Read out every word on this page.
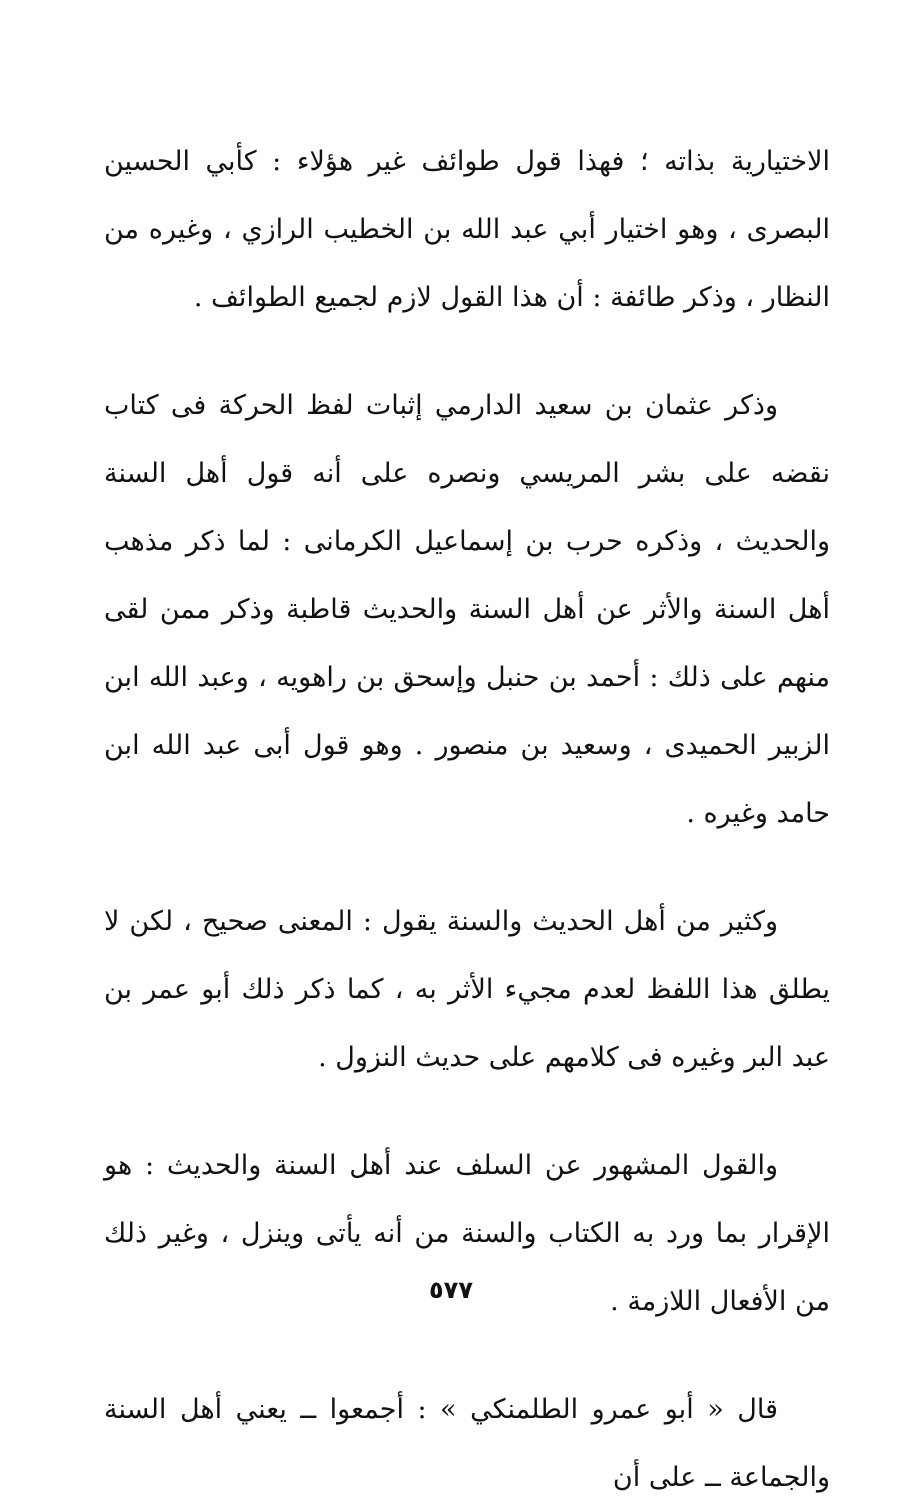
الاختيارية بذاته ؛ فهذا قول طوائف غير هؤلاء : كأبي الحسين البصرى ، وهو اختيار أبي عبد الله بن الخطيب الرازي ، وغيره من النظار ، وذكر طائفة : أن هذا القول لازم لجميع الطوائف .

وذكر عثمان بن سعيد الدارمي إثبات لفظ الحركة فى كتاب نقضه على بشر المريسي ونصره على أنه قول أهل السنة والحديث ، وذكره حرب بن إسماعيل الكرمانى : لما ذكر مذهب أهل السنة والأثر عن أهل السنة والحديث قاطبة وذكر ممن لقى منهم على ذلك : أحمد بن حنبل وإسحق بن راهويه ، وعبد الله ابن الزبير الحميدى ، وسعيد بن منصور . وهو قول أبى عبد الله ابن حامد وغيره .

وكثير من أهل الحديث والسنة يقول : المعنى صحيح ، لكن لا يطلق هذا اللفظ لعدم مجيء الأثر به ، كما ذكر ذلك أبو عمر بن عبد البر وغيره فى كلامهم على حديث النزول .

والقول المشهور عن السلف عند أهل السنة والحديث : هو الإقرار بما ورد به الكتاب والسنة من أنه يأتى وينزل ، وغير ذلك من الأفعال اللازمة .

قال « أبو عمرو الطلمنكي » : أجمعوا ــ يعني أهل السنة والجماعة ــ على أن

٥٧٧
